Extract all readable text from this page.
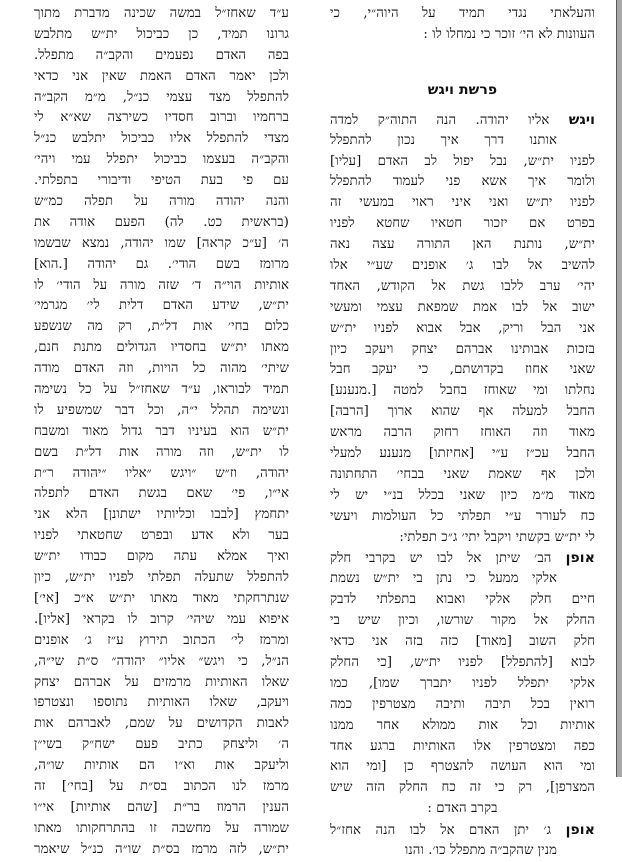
והעלאתי נגדי תמיד על היוה״י, כי
העוונות לא הי׳ זוכר כי נמחלו לו :
פרשת ויגש
ויגש אליו יהודה. הנה התוה״ק למדה
אותנו דרך איך נכון להתפלל
לפניו ית״ש, נבל יפול לב האדם [עליו]
ולומר איך אשא פני לעמוד להתפלל
לפניו ית״ש ואני איני ראוי במעשי זה
בפרט אם יזכור חטאיו שחטא לפניו
ית״ש, נותנת האן התורה עצה נאה
להשיב אל לבו ג׳ אופנים שע״י אלו
יהי׳ ערב ללבו גשת אל הקודש, האחד
ישוב אל לבו אמת שמפאת עצמי ומעשי
אני הבל וריק, אבל אבוא לפניו ית״ש
בזכות אבותינו אברהם יצחק ויעקב כיון
שאני אחוז בקדושתם, כי יעקב חבל
נחלתו ומי שאוחז בחבל למטה [.מנענע]
החבל למעלה אף שהוא ארוך [הרבה]
מאוד וזה האוחז רחוק הרבה מראש
החבל עכ״ז ע״י [אחיזתו] מנענע למעלי
ולכן אף שאמת שאני בבחי׳ התחתונה
מאוד מ״מ כיון שאני בכלל בנ״י יש לי
כח לעורר ע״י תפלתי כל העולמות ויעשי
לי ית״ש בקשתי ויקבל יתי׳ ג״כ תפלתי:
אופן הב׳ שיתן אל לבו יש בקרבי חלק
אלקי ממעל כי נתן בי ית״ש נשמת
חיים חלק אלקי ואבוא בתפלתי לדבק
החלק אל מקור שורשו, וכיון שיש בי
חלק השוב [מאוד] כזה בזה אני כדאי
לבוא [להתפלל] לפניו ית״ש, [כי החלק
אלקי יתפלל לפניו יתברך שמו], כמו
רואין בכל תיבה ותיבה מצטרפין כמה
אותיות וכל אות ממולא אחר ממנו
כפה ומצטרפין אלו האותיות ברגע אחד
ומי הוא העושה להצטרף כן [ומי הוא
המצרפן], רק כי זה כח החלק הזה שיש
בקרב האדם :
אופן ג׳ יתן האדם אל לבו הנה אחז״ל
מנין שהקב״ה מתפלל כו׳. והנו
ע״ד שאחז״ל במשה שכינה מדברת מתוך
גרונו תמיד, כן כביכול ית״ש מתלבש
בפה האדם נפעמים והקב״ה מתפלל.
ולכן יאמר האדם האמת שאין אני כדאי
להתפלל מצד עצמי כנ״ל, מ״מ הקב״ה
ברחמיו וברוב חסדיו כשירצה שא״א לי
מצדי להתפלל אליו כביכול יתלבש כנ״ל
והקב״ה בעצמו כביכול יתפלל עמי ויהי׳
עם פי בעת הטיפי ודיבורי בתפלתי.
והנה יהודה מורה על תפלה כמ״ש
(בראשית כט. לה) הפעם אודה את
ה׳ [ע״כ קראה] שמו יהודה, נמצא שבשמו
מרומז בשם הודי׳. גם יהודה [.הוא]
אותיות הוי״ה ד׳ שזה מורה על הודי׳ לו
ית״ש, שידע האדם דלית לי׳ מגרמי׳
כלום בחי׳ אות דל״ת, רק מה שנשפע
מאתו ית״ש בחסדיו הגדולים מתנת חנם,
שיתי׳ מהוה כל הויות, וזה האדם מודה
תמיד לבוראו, ע״ד שאחז״ל על כל נשימה
ונשימה תהלל י״ה, וכל דבר שמשפיע לו
ית״ש הוא בעיניו דבר גדול מאוד ומשבח
לו ית״ש, וזה מורה אות דל״ת בשם
יהודה, וז״ש ״ויגש ״אליו ״יהודה ר״ת
אי״ו, פי׳ שאם בגשת האדם לתפלה
יתחמץ [לבבו וכליותיו ישתונן] הלא אני
בער ולא אדע ובפרט שחטאתי לפניו
ואיך אמלא עתה מקום כבודו ית״ש
להתפלל שתעלה תפלתי לפניו ית״ש, כיון
שנתרחקתי מאוד מאתו ית״ש א״כ [אי׳]
איפוא עמי שיהי׳ קרוב לו בקראי [אליו].
ומרמז לי׳ הכתוב תירוץ ע״ז ג׳ אופנים
הנ״ל, כי ויגש״ אליו״ יהודה״ ס״ת שי״ה,
שאלו האותיות מרמזים על אברהם יצחק
ויעקב, שאלו האותיות נתוספו ונצטרפו
לאבות הקדושים על שמם, לאברהם אות
ה׳ וליצחק כתיב פעם ישח״ק בשי״ן
וליעקב אות וא״ו הם אותיות שו״ה,
מרמז לנו הכתוב בס״ת על [בחי׳] זה
הענין הרמוז בר״ת [שהם אותיות] אי״ו
שמורה על מחשבה זו בהתרחקותו מאתו
ית״ש, לזה מרמז בס״ת שו״ה כנ״ל שיאמר
